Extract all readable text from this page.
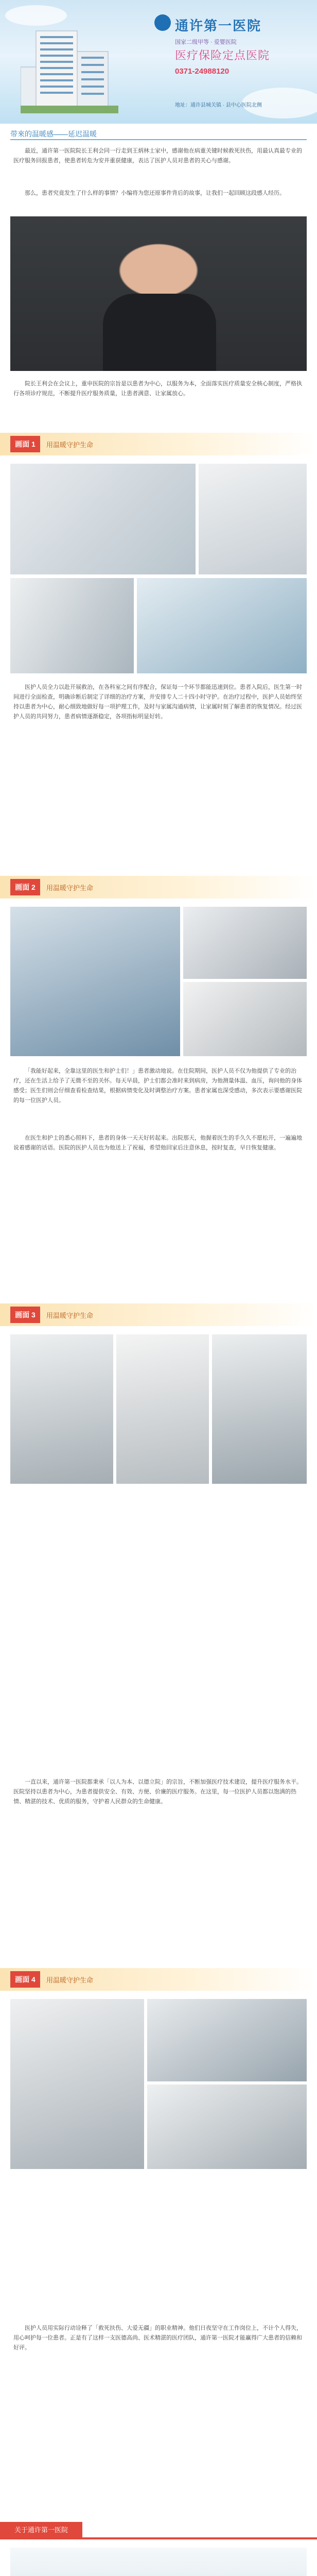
通许第一医院
国家二级甲等 · 爱婴医院
医疗保险定点医院
0371-24988120
地址：通许县城关镇 · 县中心医院北侧
带來的温暖感——延迟温暖
最近，通许第一医院院长王利会同一行走到王炳林士家中，感谢他在病重关键时候救死扶伤，用最认真最专业的医疗服务回报患者，使患者转危为安并重获健康，表达了医护人员对患者的关心与感谢。
那么，患者究竟发生了什么样的事情？小编将为您还原事件背后的故事，让我们一起回顾这段感人经历。
院长王利会在会议上，重申医院的宗旨是以患者为中心，以服务为本，全面落实医疗质量安全核心制度，严格执行各项诊疗规范，不断提升医疗服务质量，让患者满意、让家属放心。
画面 1	用温暖守护生命
医护人员全力以赴开展救治，在各科室之间有序配合，保证每一个环节都能迅速到位。患者入院后，医生第一时间进行全面检查，明确诊断后制定了详细的治疗方案，并安排专人二十四小时守护。在治疗过程中，医护人员始终坚持以患者为中心，耐心细致地做好每一项护理工作，及时与家属沟通病情，让家属时刻了解患者的恢复情况。经过医护人员的共同努力，患者病情逐渐稳定，各项指标明显好转。
画面 2	用温暖守护生命
「我能好起来，全靠这里的医生和护士们！」患者激动地说。在住院期间，医护人员不仅为他提供了专业的治疗，还在生活上给予了无微不至的关怀。每天早晨，护士们都会准时来到病房，为他测量体温、血压，询问他的身体感受；医生们则会仔细查看检查结果，根据病情变化及时调整治疗方案。患者家属也深受感动，多次表示要感谢医院的每一位医护人员。
在医生和护士的悉心照料下，患者的身体一天天好转起来。出院那天，他握着医生的手久久不愿松开，一遍遍地说着感谢的话语。医院的医护人员也为他送上了祝福，希望他回家后注意休息，按时复查，早日恢复健康。
画面 3	用温暖守护生命
一直以来，通许第一医院都秉承「以人为本、以德立院」的宗旨，不断加强医疗技术建设，提升医疗服务水平。医院坚持以患者为中心，为患者提供安全、有效、方便、价廉的医疗服务。在这里，每一位医护人员都以饱满的热情、精湛的技术、优质的服务，守护着人民群众的生命健康。
画面 4	用温暖守护生命
医护人员用实际行动诠释了「救死扶伤、大爱无疆」的职业精神。他们日夜坚守在工作岗位上，不计个人得失，用心呵护每一位患者。正是有了这样一支医德高尚、医术精湛的医疗团队，通许第一医院才能赢得广大患者的信赖和好评。
关于通许第一医院
